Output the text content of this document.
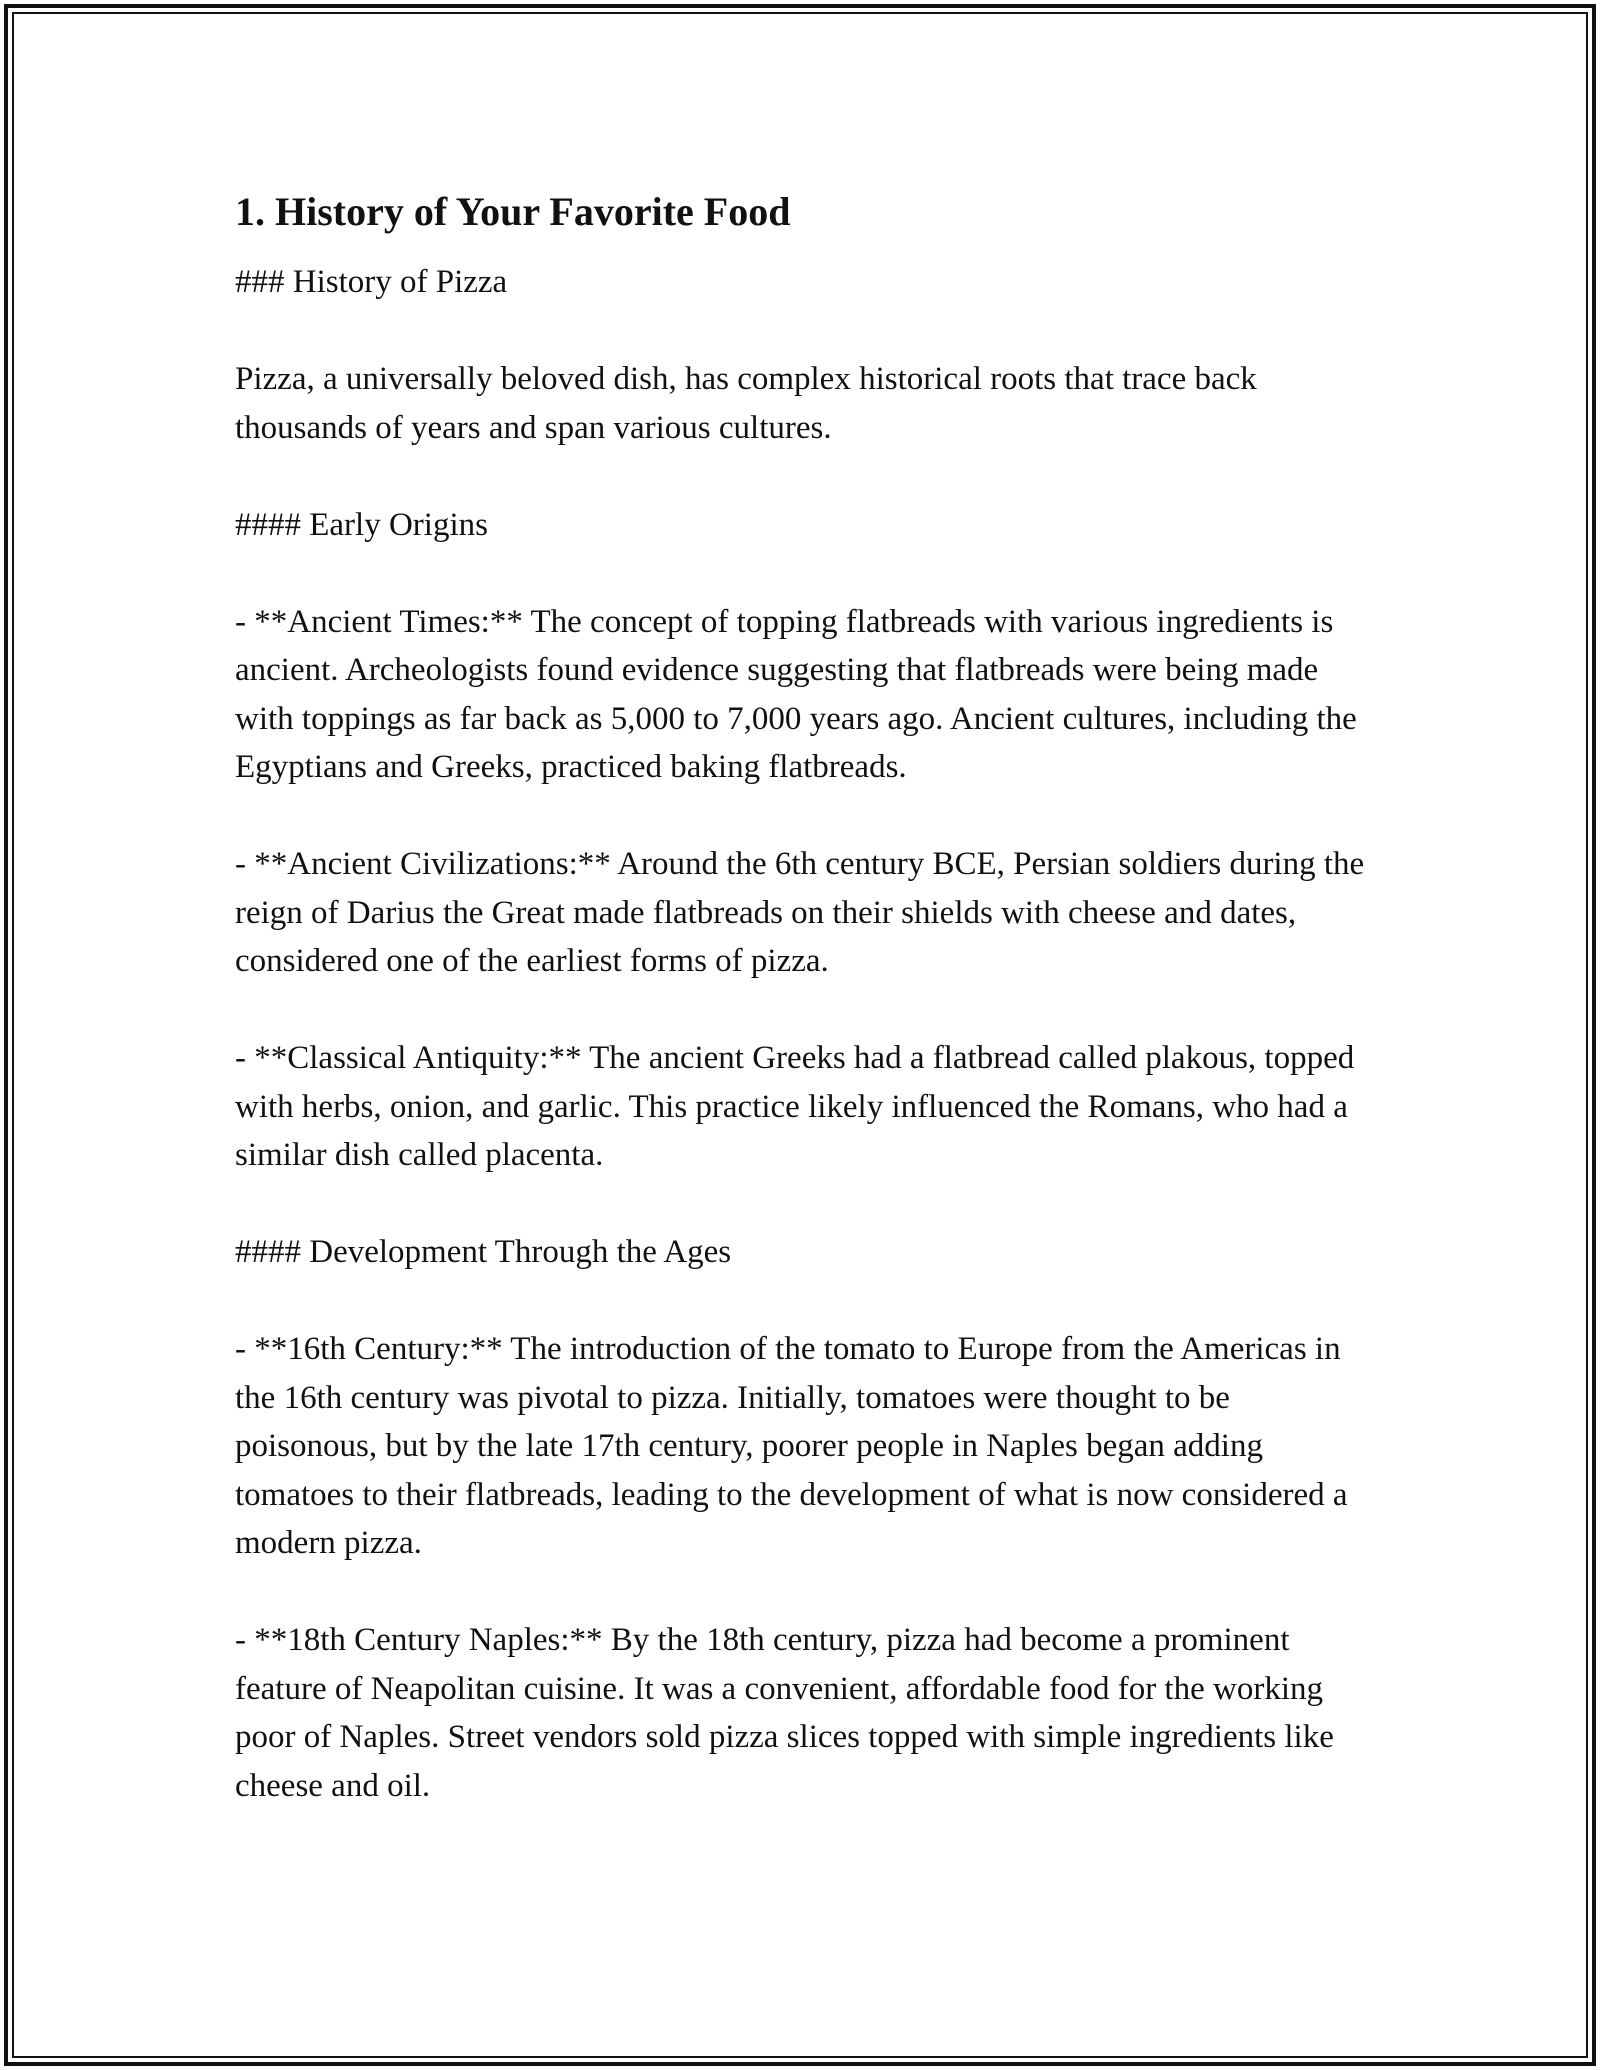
1. History of Your Favorite Food

### History of Pizza

Pizza, a universally beloved dish, has complex historical roots that trace back thousands of years and span various cultures.

#### Early Origins

- **Ancient Times:** The concept of topping flatbreads with various ingredients is ancient. Archeologists found evidence suggesting that flatbreads were being made with toppings as far back as 5,000 to 7,000 years ago. Ancient cultures, including the Egyptians and Greeks, practiced baking flatbreads.

- **Ancient Civilizations:** Around the 6th century BCE, Persian soldiers during the reign of Darius the Great made flatbreads on their shields with cheese and dates, considered one of the earliest forms of pizza.

- **Classical Antiquity:** The ancient Greeks had a flatbread called plakous, topped with herbs, onion, and garlic. This practice likely influenced the Romans, who had a similar dish called placenta.

#### Development Through the Ages

- **16th Century:** The introduction of the tomato to Europe from the Americas in the 16th century was pivotal to pizza. Initially, tomatoes were thought to be poisonous, but by the late 17th century, poorer people in Naples began adding tomatoes to their flatbreads, leading to the development of what is now considered a modern pizza.

- **18th Century Naples:** By the 18th century, pizza had become a prominent feature of Neapolitan cuisine. It was a convenient, affordable food for the working poor of Naples. Street vendors sold pizza slices topped with simple ingredients like cheese and oil.
